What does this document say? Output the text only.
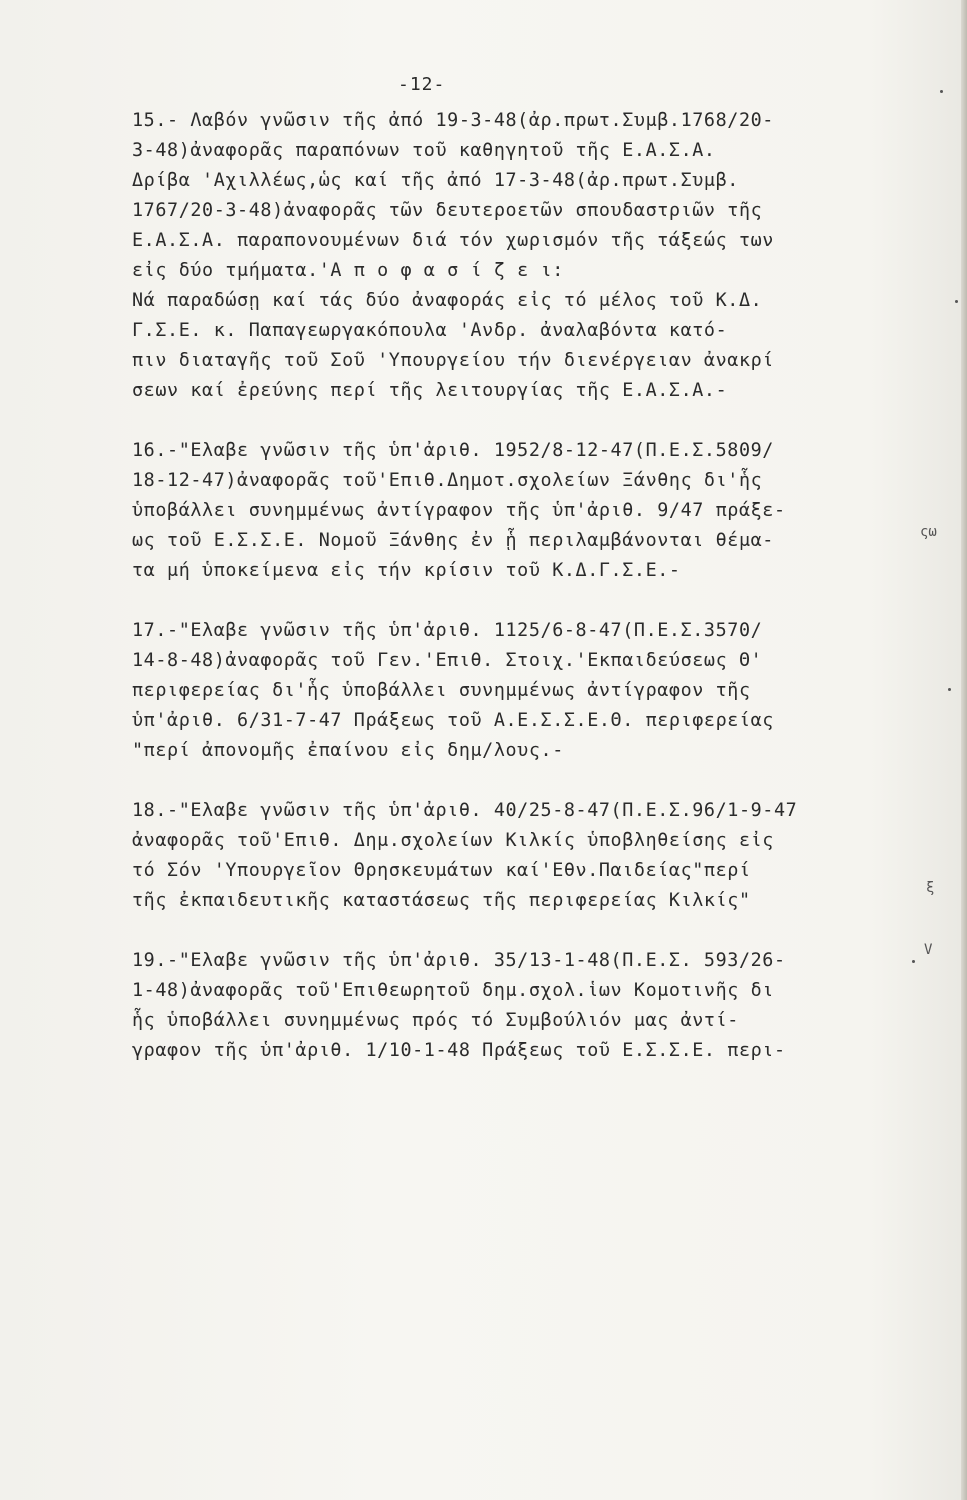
-12-
15.- Λαβόν γνῶσιν τῆς ἀπό 19-3-48(ἀρ.πρωτ.Συμβ.1768/20-
3-48)ἀναφορᾶς παραπόνων τοῦ καθηγητοῦ τῆς Ε.Α.Σ.Α.
Δρίβα 'Αχιλλέως,ὡς καί τῆς ἀπό 17-3-48(ἀρ.πρωτ.Συμβ.
1767/20-3-48)ἀναφορᾶς τῶν δευτεροετῶν σπουδαστριῶν τῆς
Ε.Α.Σ.Α. παραπονουμένων διά τόν χωρισμόν τῆς τάξεώς των
εἰς δύο τμήματα.'Α π ο φ α σ ί ζ ε ι:
Νά παραδώσῃ καί τάς δύο ἀναφοράς εἰς τό μέλος τοῦ Κ.Δ.
Γ.Σ.Ε. κ. Παπαγεωργακόπουλα 'Ανδρ. ἀναλαβόντα κατό-
πιν διαταγῆς τοῦ Σοῦ 'Υπουργείου τήν διενέργειαν ἀνακρί
σεων καί ἐρεύνης περί τῆς λειτουργίας τῆς Ε.Α.Σ.Α.-
16.-"Ελαβε γνῶσιν τῆς ὑπ'ἀριθ. 1952/8-12-47(Π.Ε.Σ.5809/
18-12-47)ἀναφορᾶς τοῦ'Επιθ.Δημοτ.σχολείων Ξάνθης δι'ἧς
ὑποβάλλει συνημμένως ἀντίγραφον τῆς ὑπ'ἀριθ. 9/47 πράξε-
ως τοῦ Ε.Σ.Σ.Ε. Νομοῦ Ξάνθης ἐν ᾗ περιλαμβάνονται θέμα-
τα μή ὑποκείμενα εἰς τήν κρίσιν τοῦ Κ.Δ.Γ.Σ.Ε.-
17.-"Ελαβε γνῶσιν τῆς ὑπ'ἀριθ. 1125/6-8-47(Π.Ε.Σ.3570/
14-8-48)ἀναφορᾶς τοῦ Γεν.'Επιθ. Στοιχ.'Εκπαιδεύσεως Θ'
περιφερείας δι'ἧς ὑποβάλλει συνημμένως ἀντίγραφον τῆς
ὑπ'ἀριθ. 6/31-7-47 Πράξεως τοῦ Α.Ε.Σ.Σ.Ε.Θ. περιφερείας
"περί ἀπονομῆς ἐπαίνου εἰς δημ/λους.-
18.-"Ελαβε γνῶσιν τῆς ὑπ'ἀριθ. 40/25-8-47(Π.Ε.Σ.96/1-9-47
ἀναφορᾶς τοῦ'Επιθ. Δημ.σχολείων Κιλκίς ὑποβληθείσης εἰς
τό Σόν 'Υπουργεῖον Θρησκευμάτων καί'Εθν.Παιδείας"περί
τῆς ἐκπαιδευτικῆς καταστάσεως τῆς περιφερείας Κιλκίς"
19.-"Ελαβε γνῶσιν τῆς ὑπ'ἀριθ. 35/13-1-48(Π.Ε.Σ. 593/26-
1-48)ἀναφορᾶς τοῦ'Επιθεωρητοῦ δημ.σχολ.ἱων Κομοτινῆς δι
ἧς ὑποβάλλει συνημμένως πρός τό Συμβούλιόν μας ἀντί-
γραφον τῆς ὑπ'ἀριθ. 1/10-1-48 Πράξεως τοῦ Ε.Σ.Σ.Ε. περι-
ςω
ξ
V
